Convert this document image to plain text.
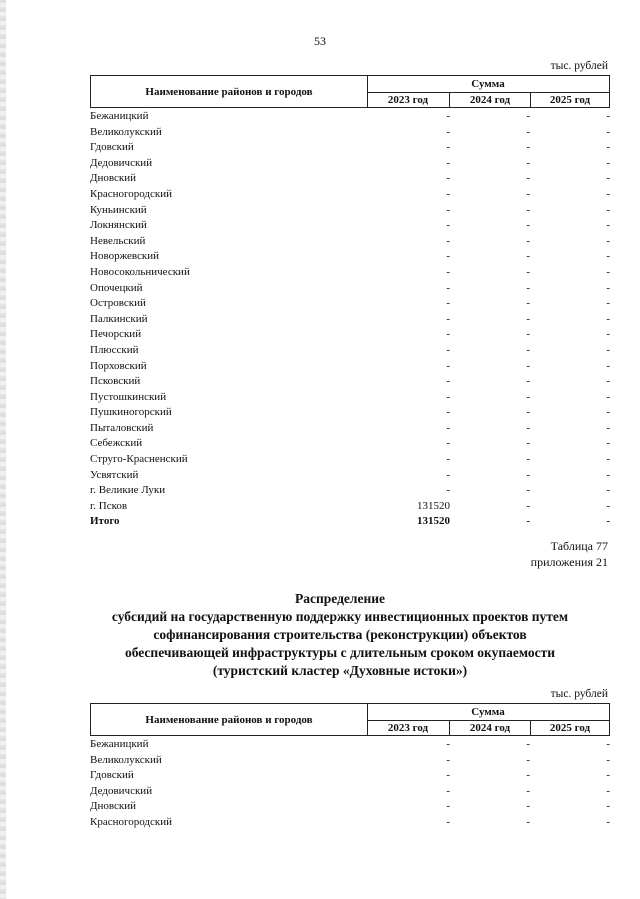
53
тыс. рублей
Наименование районов и городов
Сумма
2023 год	2024 год	2025 год
Бежаницкий	-	-	-
Великолукский	-	-	-
Гдовский	-	-	-
Дедовичский	-	-	-
Дновский	-	-	-
Красногородский	-	-	-
Куньинский	-	-	-
Локнянский	-	-	-
Невельский	-	-	-
Новоржевский	-	-	-
Новосокольнический	-	-	-
Опочецкий	-	-	-
Островский	-	-	-
Палкинский	-	-	-
Печорский	-	-	-
Плюсский	-	-	-
Порховский	-	-	-
Псковский	-	-	-
Пустошкинский	-	-	-
Пушкиногорский	-	-	-
Пыталовский	-	-	-
Себежский	-	-	-
Струго-Красненский	-	-	-
Усвятский	-	-	-
г. Великие Луки	-	-	-
г. Псков	131520	-	-
Итого	131520	-	-
Таблица 77
приложения 21
Распределение
субсидий на государственную поддержку инвестиционных проектов путем
софинансирования строительства (реконструкции) объектов
обеспечивающей инфраструктуры с длительным сроком окупаемости
(туристский кластер «Духовные истоки»)
тыс. рублей
Наименование районов и городов
Сумма
2023 год	2024 год	2025 год
Бежаницкий	-	-	-
Великолукский	-	-	-
Гдовский	-	-	-
Дедовичский	-	-	-
Дновский	-	-	-
Красногородский	-	-	-
